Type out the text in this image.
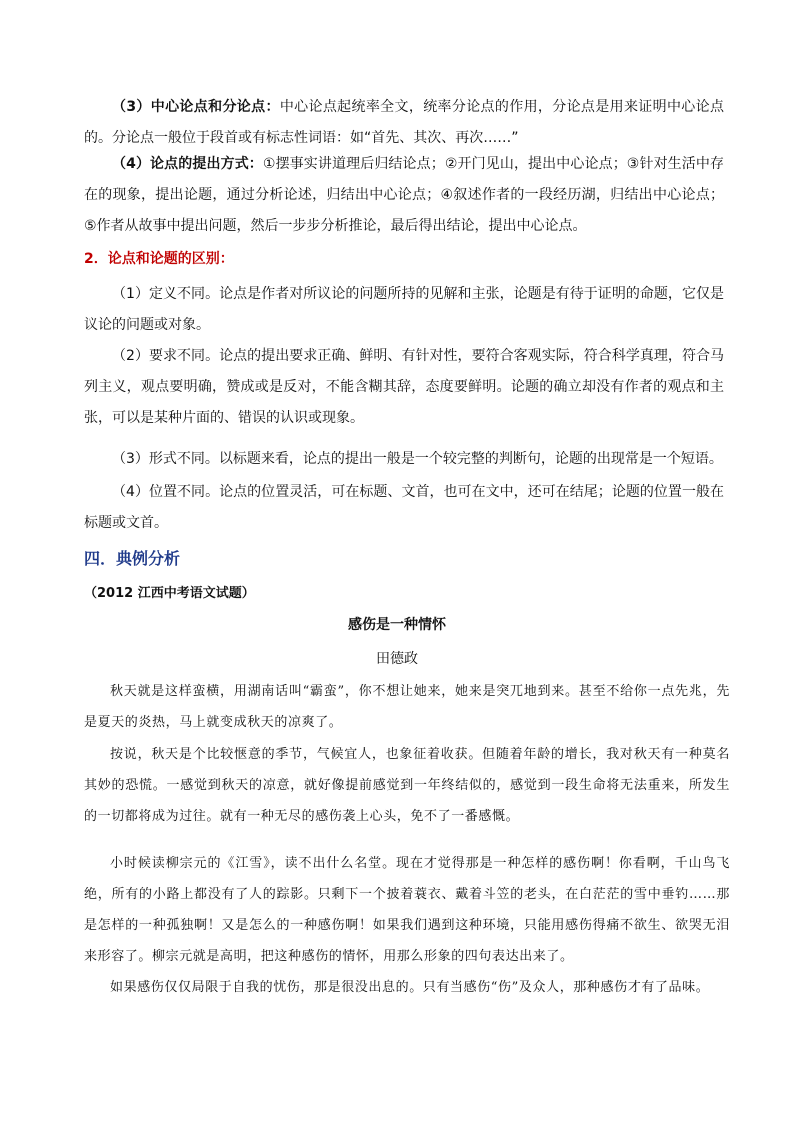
（3）中心论点和分论点：中心论点起统率全文，统率分论点的作用，分论点是用来证明中心论点的。分论点一般位于段首或有标志性词语：如“首先、其次、再次……”

（4）论点的提出方式：①摆事实讲道理后归结论点；②开门见山，提出中心论点；③针对生活中存在的现象，提出论题，通过分析论述，归结出中心论点；④叙述作者的一段经历湖，归结出中心论点； ⑤作者从故事中提出问题，然后一步步分析推论，最后得出结论，提出中心论点。

2．论点和论题的区别：

（1）定义不同。论点是作者对所议论的问题所持的见解和主张，论题是有待于证明的命题，它仅是议论的问题或对象。

（2）要求不同。论点的提出要求正确、鲜明、有针对性，要符合客观实际，符合科学真理，符合马列主义，观点要明确，赞成或是反对，不能含糊其辞，态度要鲜明。论题的确立却没有作者的观点和主张，可以是某种片面的、错误的认识或现象。

（3）形式不同。以标题来看，论点的提出一般是一个较完整的判断句，论题的出现常是一个短语。

（4）位置不同。论点的位置灵活，可在标题、文首，也可在文中，还可在结尾；论题的位置一般在标题或文首。

四．典例分析

（2012 江西中考语文试题）

感伤是一种情怀

田德政

秋天就是这样蛮横，用湖南话叫“霸蛮”，你不想让她来，她来是突兀地到来。甚至不给你一点先兆，先是夏天的炎热，马上就变成秋天的凉爽了。

按说，秋天是个比较惬意的季节，气候宜人，也象征着收获。但随着年龄的增长，我对秋天有一种莫名其妙的恐慌。一感觉到秋天的凉意，就好像提前感觉到一年终结似的，感觉到一段生命将无法重来，所发生的一切都将成为过往。就有一种无尽的感伤袭上心头，免不了一番感慨。

小时候读柳宗元的《江雪》，读不出什么名堂。现在才觉得那是一种怎样的感伤啊！你看啊，千山鸟飞绝，所有的小路上都没有了人的踪影。只剩下一个披着蓑衣、戴着斗笠的老头，在白茫茫的雪中垂钓……那是怎样的一种孤独啊！又是怎么的一种感伤啊！如果我们遇到这种环境，只能用感伤得痛不欲生、欲哭无泪来形容了。柳宗元就是高明，把这种感伤的情怀，用那么形象的四句表达出来了。

如果感伤仅仅局限于自我的忧伤，那是很没出息的。只有当感伤“伤”及众人，那种感伤才有了品味。
